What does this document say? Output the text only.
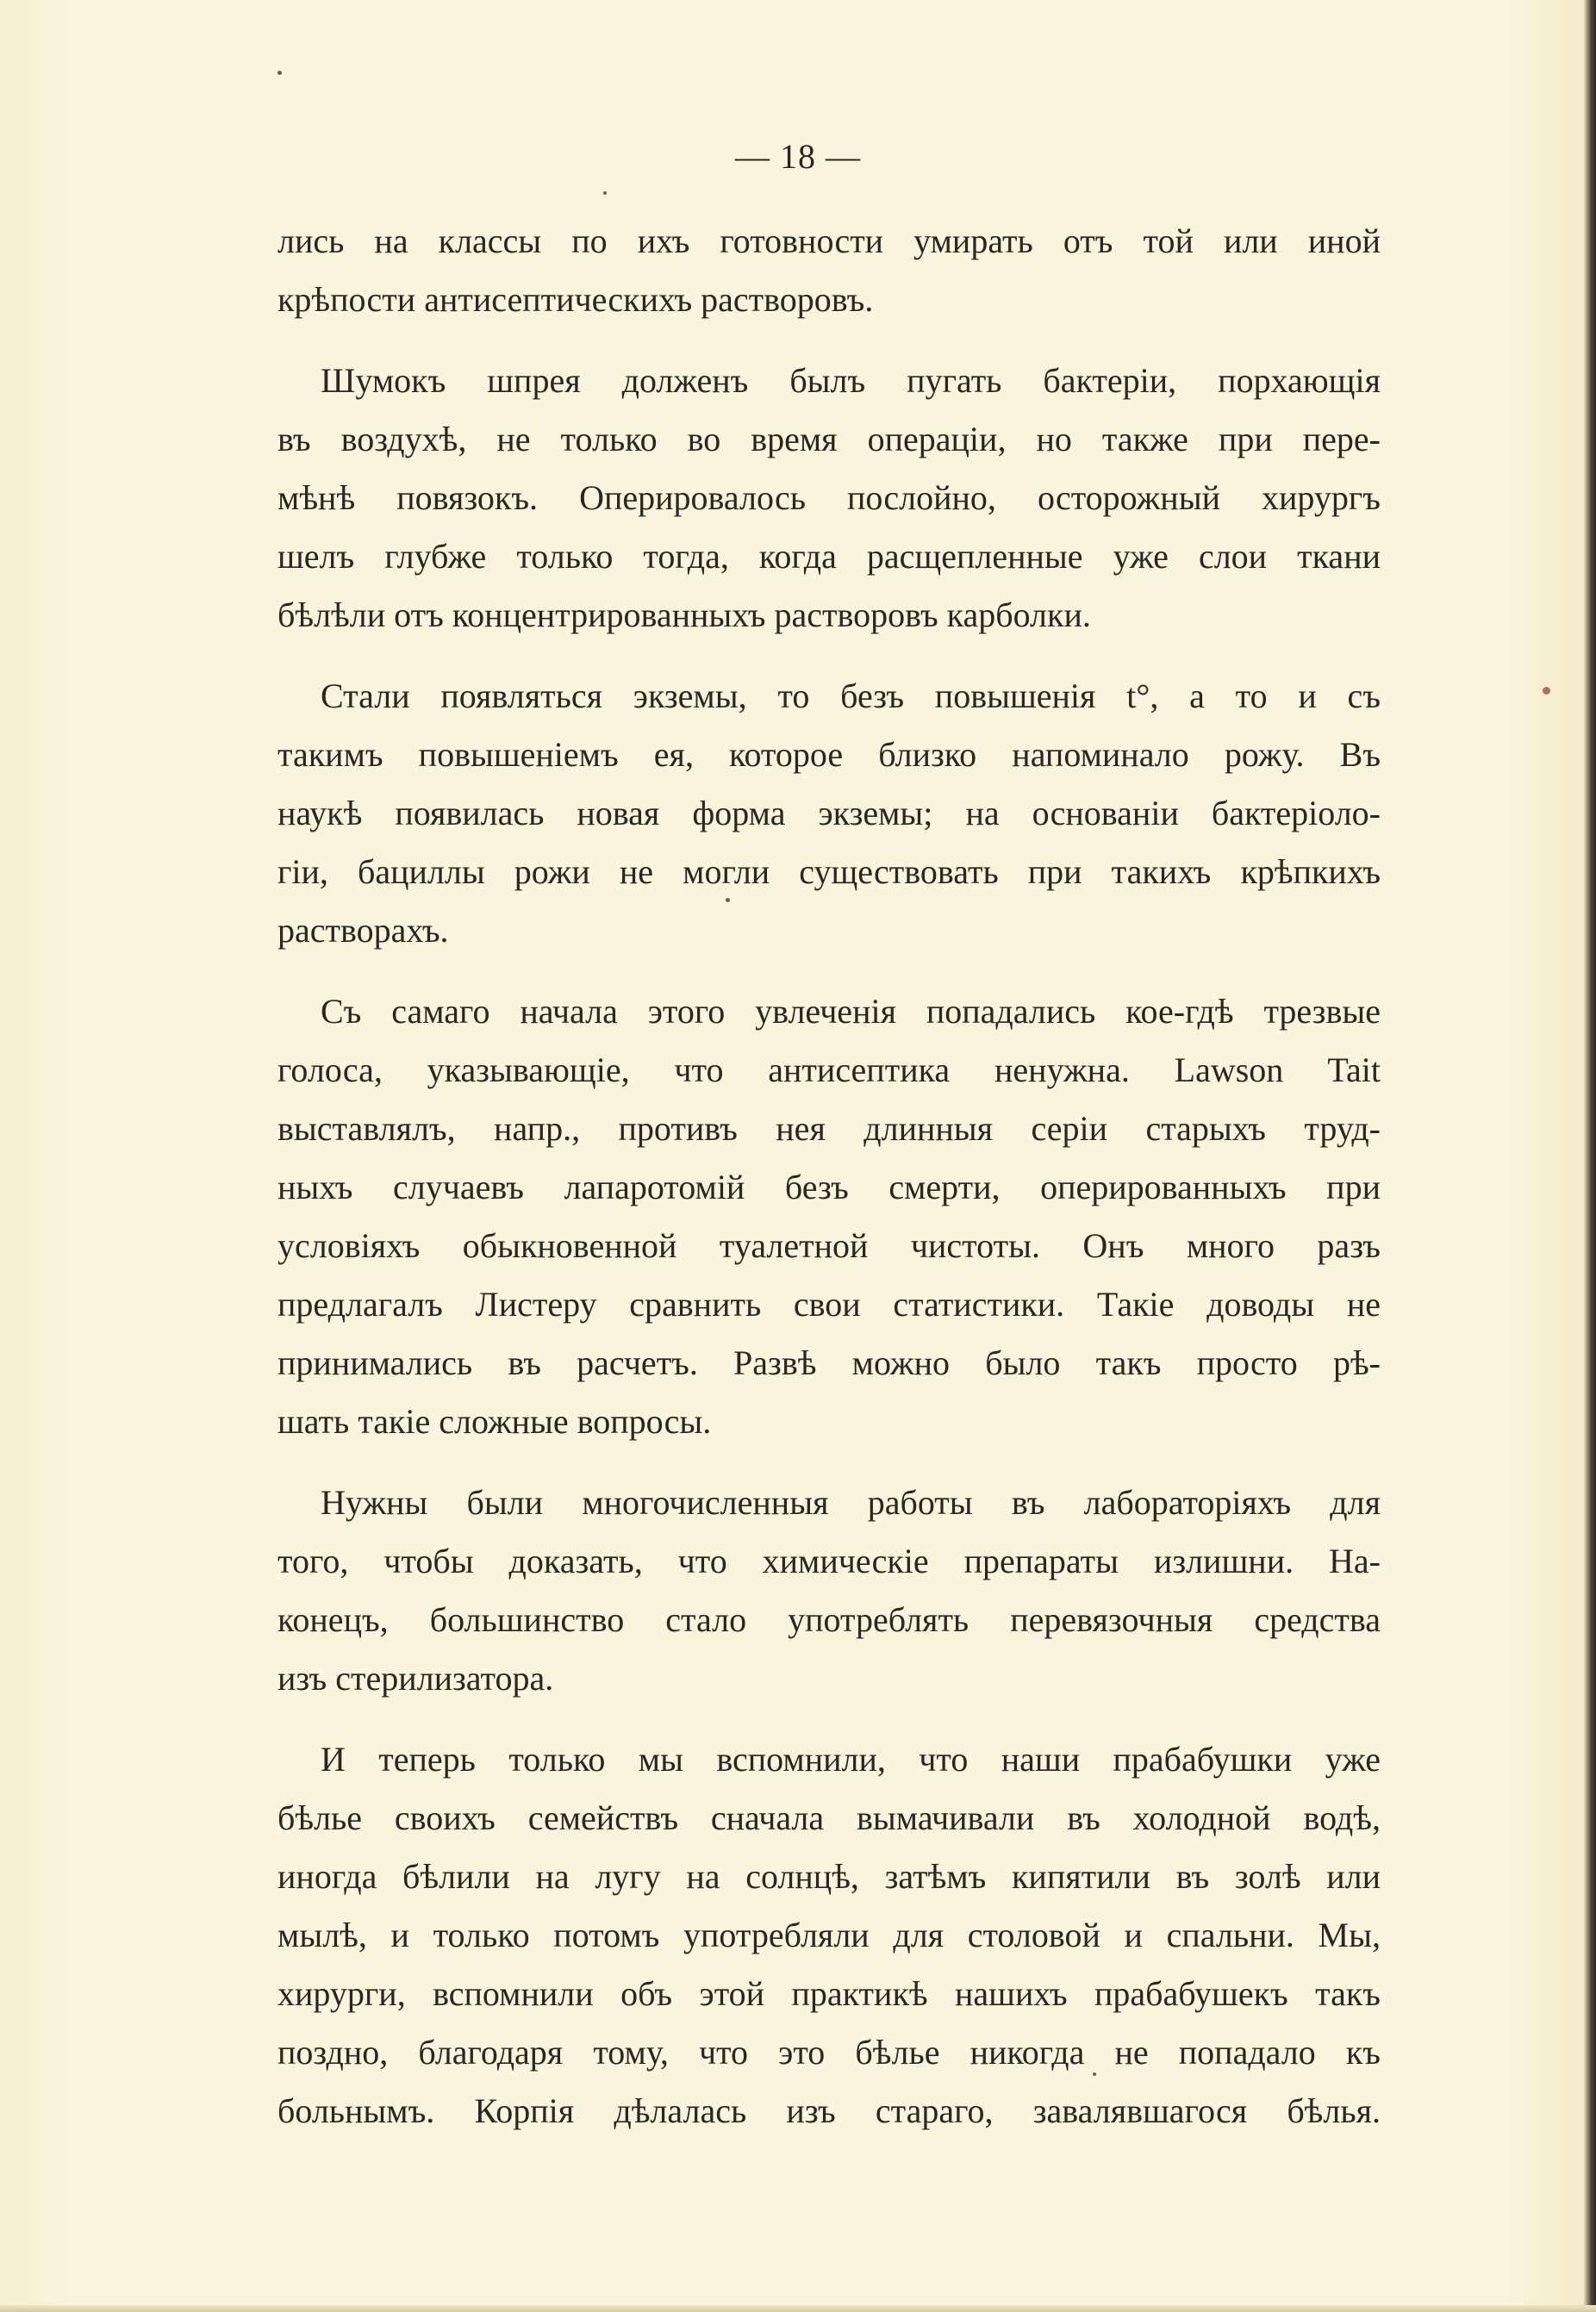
— 18 —
лись на классы по ихъ готовности умирать отъ той или иной
крѣпости антисептическихъ растворовъ.
Шумокъ шпрея долженъ былъ пугать бактеріи, порхающія
въ воздухѣ, не только во время операціи, но также при пере-
мѣнѣ повязокъ. Оперировалось послойно, осторожный хирургъ
шелъ глубже только тогда, когда расщепленные уже слои ткани
бѣлѣли отъ концентрированныхъ растворовъ карболки.
Стали появляться экземы, то безъ повышенія t°, а то и съ
такимъ повышеніемъ ея, которое близко напоминало рожу. Въ
наукѣ появилась новая форма экземы; на основаніи бактеріоло-
гіи, бациллы рожи не могли существовать при такихъ крѣпкихъ
растворахъ.
Съ самаго начала этого увлеченія попадались кое-гдѣ трезвые
голоса, указывающіе, что антисептика ненужна. Lawson Tait
выставлялъ, напр., противъ нея длинныя серіи старыхъ труд-
ныхъ случаевъ лапаротомій безъ смерти, оперированныхъ при
условіяхъ обыкновенной туалетной чистоты. Онъ много разъ
предлагалъ Листеру сравнить свои статистики. Такіе доводы не
принимались въ расчетъ. Развѣ можно было такъ просто рѣ-
шать такіе сложные вопросы.
Нужны были многочисленныя работы въ лабораторіяхъ для
того, чтобы доказать, что химическіе препараты излишни. На-
конецъ, большинство стало употреблять перевязочныя средства
изъ стерилизатора.
И теперь только мы вспомнили, что наши прабабушки уже
бѣлье своихъ семействъ сначала вымачивали въ холодной водѣ,
иногда бѣлили на лугу на солнцѣ, затѣмъ кипятили въ золѣ или
мылѣ, и только потомъ употребляли для столовой и спальни. Мы,
хирурги, вспомнили объ этой практикѣ нашихъ прабабушекъ такъ
поздно, благодаря тому, что это бѣлье никогда не попадало къ
больнымъ. Корпія дѣлалась изъ стараго, завалявшагося бѣлья.
